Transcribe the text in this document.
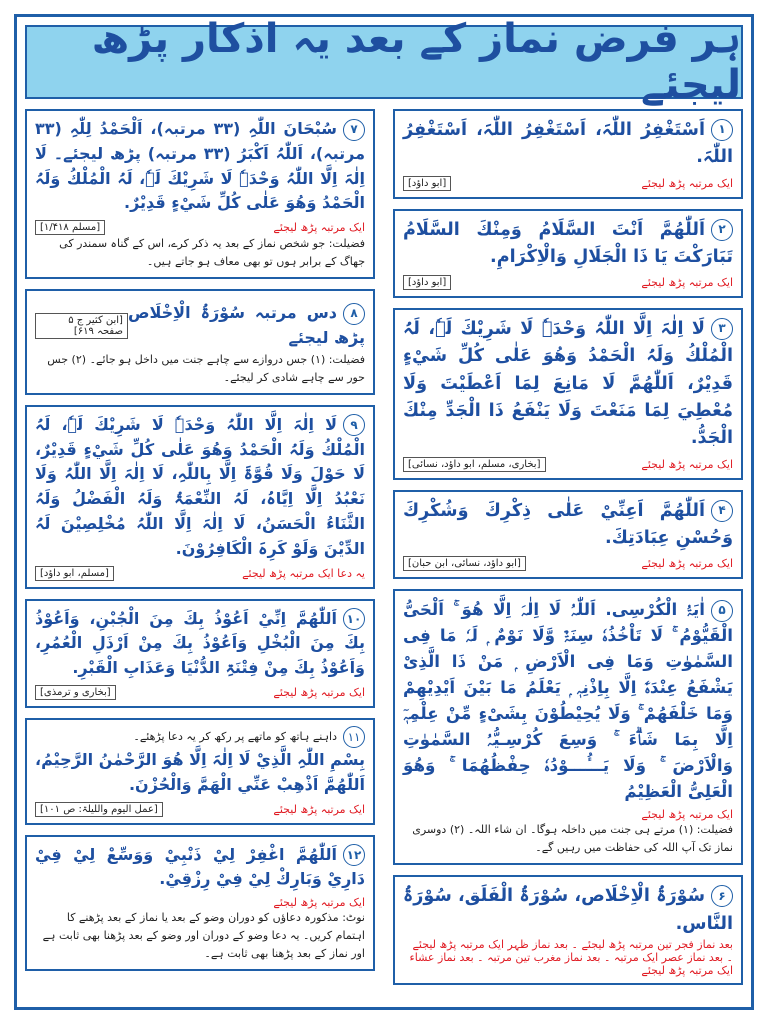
ہر فرض نماز کے بعد یہ اذکار پڑھ لیجئے
۱اَسْتَغْفِرُ اللّٰہَ، اَسْتَغْفِرُ اللّٰہَ، اَسْتَغْفِرُ اللّٰہَ.
ایک مرتبہ پڑھ لیجئے
[ابو داؤد]
۲اَللّٰھُمَّ اَنْتَ السَّلَامُ وَمِنْكَ السَّلَامُ تَبَارَكْتَ يَا ذَا الْجَلَالِ وَالْاِكْرَامِ.
ایک مرتبہ پڑھ لیجئے
[ابو داؤد]
۳لَا اِلٰہَ اِلَّا اللّٰہُ وَحْدَہٗ لَا شَرِيْكَ لَہٗ، لَہُ الْمُلْكُ وَلَہُ الْحَمْدُ وَھُوَ عَلٰى كُلِّ شَيْءٍ قَدِيْرٌ، اَللّٰھُمَّ لَا مَانِعَ لِمَا اَعْطَيْتَ وَلَا مُعْطِيَ لِمَا مَنَعْتَ وَلَا يَنْفَعُ ذَا الْجَدِّ مِنْكَ الْجَدُّ.
ایک مرتبہ پڑھ لیجئے
[بخاری، مسلم، ابو داؤد، نسائی]
۴اَللّٰھُمَّ اَعِنِّيْ عَلٰى ذِكْرِكَ وَشُكْرِكَ وَحُسْنِ عِبَادَتِكَ.
ایک مرتبہ پڑھ لیجئے
[ابو داؤد، نسائی، ابن حبان]
۵اٰیَۃُ الْکُرْسِی. اَللّٰہُ لَا اِلٰہَ اِلَّا ھُوَ ۚ اَلْحَیُّ الْقَیُّوْمُ ۚ لَا تَاْخُذُہٗ سِنَۃٌ وَّلَا نَوْمٌ ۭ لَہٗ مَا فِی السَّمٰوٰتِ وَمَا فِی الْاَرْضِ ۭ مَنْ ذَا الَّذِیْ یَشْفَعُ عِنْدَہٗٓ اِلَّا بِاِذْنِہٖ ۭ یَعْلَمُ مَا بَیْنَ اَیْدِیْھِمْ وَمَا خَلْفَھُمْ ۚ وَلَا یُحِیْطُوْنَ بِشَیْءٍ مِّنْ عِلْمِہٖٓ اِلَّا بِمَا شَاۗءَ ۚ وَسِعَ كُرْسِـيُّہُ السَّمٰوٰتِ وَالْاَرْضَ ۚ وَلَا یَـــُٔـــوْدُہٗ حِفْظُھُمَا ۚ وَھُوَ الْعَلِیُّ الْعَظِیْمُ
ایک مرتبہ پڑھ لیجئے
فضیلت: (۱) مرتے ہی جنت میں داخلہ ہوگا۔ ان شاء اللہ۔ (۲) دوسری نماز تک آپ اللہ کی حفاظت میں رہیں گے۔
۶سُوْرَۃُ الْاِخْلَاص، سُوْرَۃُ الْفَلَق، سُوْرَۃُ النَّاس.
بعد نماز فجر تین مرتبہ پڑھ لیجئے ۔ بعد نماز ظہر ایک مرتبہ پڑھ لیجئے ۔ بعد نماز عصر ایک مرتبہ ۔ بعد نماز مغرب تین مرتبہ ۔ بعد نماز عشاء ایک مرتبہ پڑھ لیجئے
۷سُبْحَانَ اللّٰہِ (۳۳ مرتبہ)، اَلْحَمْدُ لِلّٰہِ (۳۳ مرتبہ)، اَللّٰہُ اَكْبَرُ (۳۳ مرتبہ) پڑھ لیجئے۔ لَا اِلٰہَ اِلَّا اللّٰہُ وَحْدَہٗ لَا شَرِيْكَ لَہٗ، لَہُ الْمُلْكُ وَلَہُ الْحَمْدُ وَھُوَ عَلٰى كُلِّ شَيْءٍ قَدِيْرٌ.
ایک مرتبہ پڑھ لیجئے
[مسلم ۱/۴۱۸]
فضیلت: جو شخص نماز کے بعد یہ ذکر کرے، اس کے گناہ سمندر کی جھاگ کے برابر ہوں تو بھی معاف ہو جاتے ہیں۔
۸دس مرتبہ سُوْرَۃُ الْاِخْلَاص پڑھ لیجئے
[ابن کثیر ج ۵ صفحہ ۶۱۹]
فضیلت: (۱) جس دروازے سے چاہے جنت میں داخل ہو جائے۔ (۲) جس حور سے چاہے شادی کر لیجئے۔
۹لَا اِلٰہَ اِلَّا اللّٰہُ وَحْدَہٗ لَا شَرِيْكَ لَہٗ، لَہُ الْمُلْكُ وَلَہُ الْحَمْدُ وَھُوَ عَلٰى كُلِّ شَيْءٍ قَدِيْرٌ، لَا حَوْلَ وَلَا قُوَّۃَ اِلَّا بِاللّٰہِ، لَا اِلٰہَ اِلَّا اللّٰہُ وَلَا نَعْبُدُ اِلَّا اِيَّاہُ، لَہُ النِّعْمَۃُ وَلَہُ الْفَضْلُ وَلَہُ الثَّنَاءُ الْحَسَنُ، لَا اِلٰہَ اِلَّا اللّٰہُ مُخْلِصِيْنَ لَہُ الدِّيْنَ وَلَوْ كَرِہَ الْكَافِرُوْنَ.
یہ دعا ایک مرتبہ پڑھ لیجئے
[مسلم، ابو داؤد]
۱۰اَللّٰھُمَّ اِنِّيْ اَعُوْذُ بِكَ مِنَ الْجُبْنِ، وَاَعُوْذُ بِكَ مِنَ الْبُخْلِ وَاَعُوْذُ بِكَ مِنْ اَرْذَلِ الْعُمُرِ، وَاَعُوْذُ بِكَ مِنْ فِتْنَۃِ الدُّنْيَا وَعَذَابِ الْقَبْرِ.
ایک مرتبہ پڑھ لیجئے
[بخاری و ترمذی]
۱۱داہنے ہاتھ کو ماتھے پر رکھ کر یہ دعا پڑھئے۔
بِسْمِ اللّٰہِ الَّذِيْ لَا اِلٰہَ اِلَّا ھُوَ الرَّحْمٰنُ الرَّحِيْمُ، اَللّٰھُمَّ اَذْھِبْ عَنِّي الْھَمَّ وَالْحُزْنَ.
ایک مرتبہ پڑھ لیجئے
[عمل الیوم واللیلۃ: ص ۱۰۱]
۱۲اَللّٰھُمَّ اغْفِرْ لِيْ ذَنْبِيْ وَوَسِّعْ لِيْ فِيْ دَارِيْ وَبَارِكْ لِيْ فِيْ رِزْقِيْ.
ایک مرتبہ پڑھ لیجئے
نوٹ: مذکورہ دعاؤں کو دوران وضو کے بعد یا نماز کے بعد پڑھنے کا اہتمام کریں۔ یہ دعا وضو کے دوران اور وضو کے بعد پڑھنا بھی ثابت ہے اور نماز کے بعد پڑھنا بھی ثابت ہے۔
